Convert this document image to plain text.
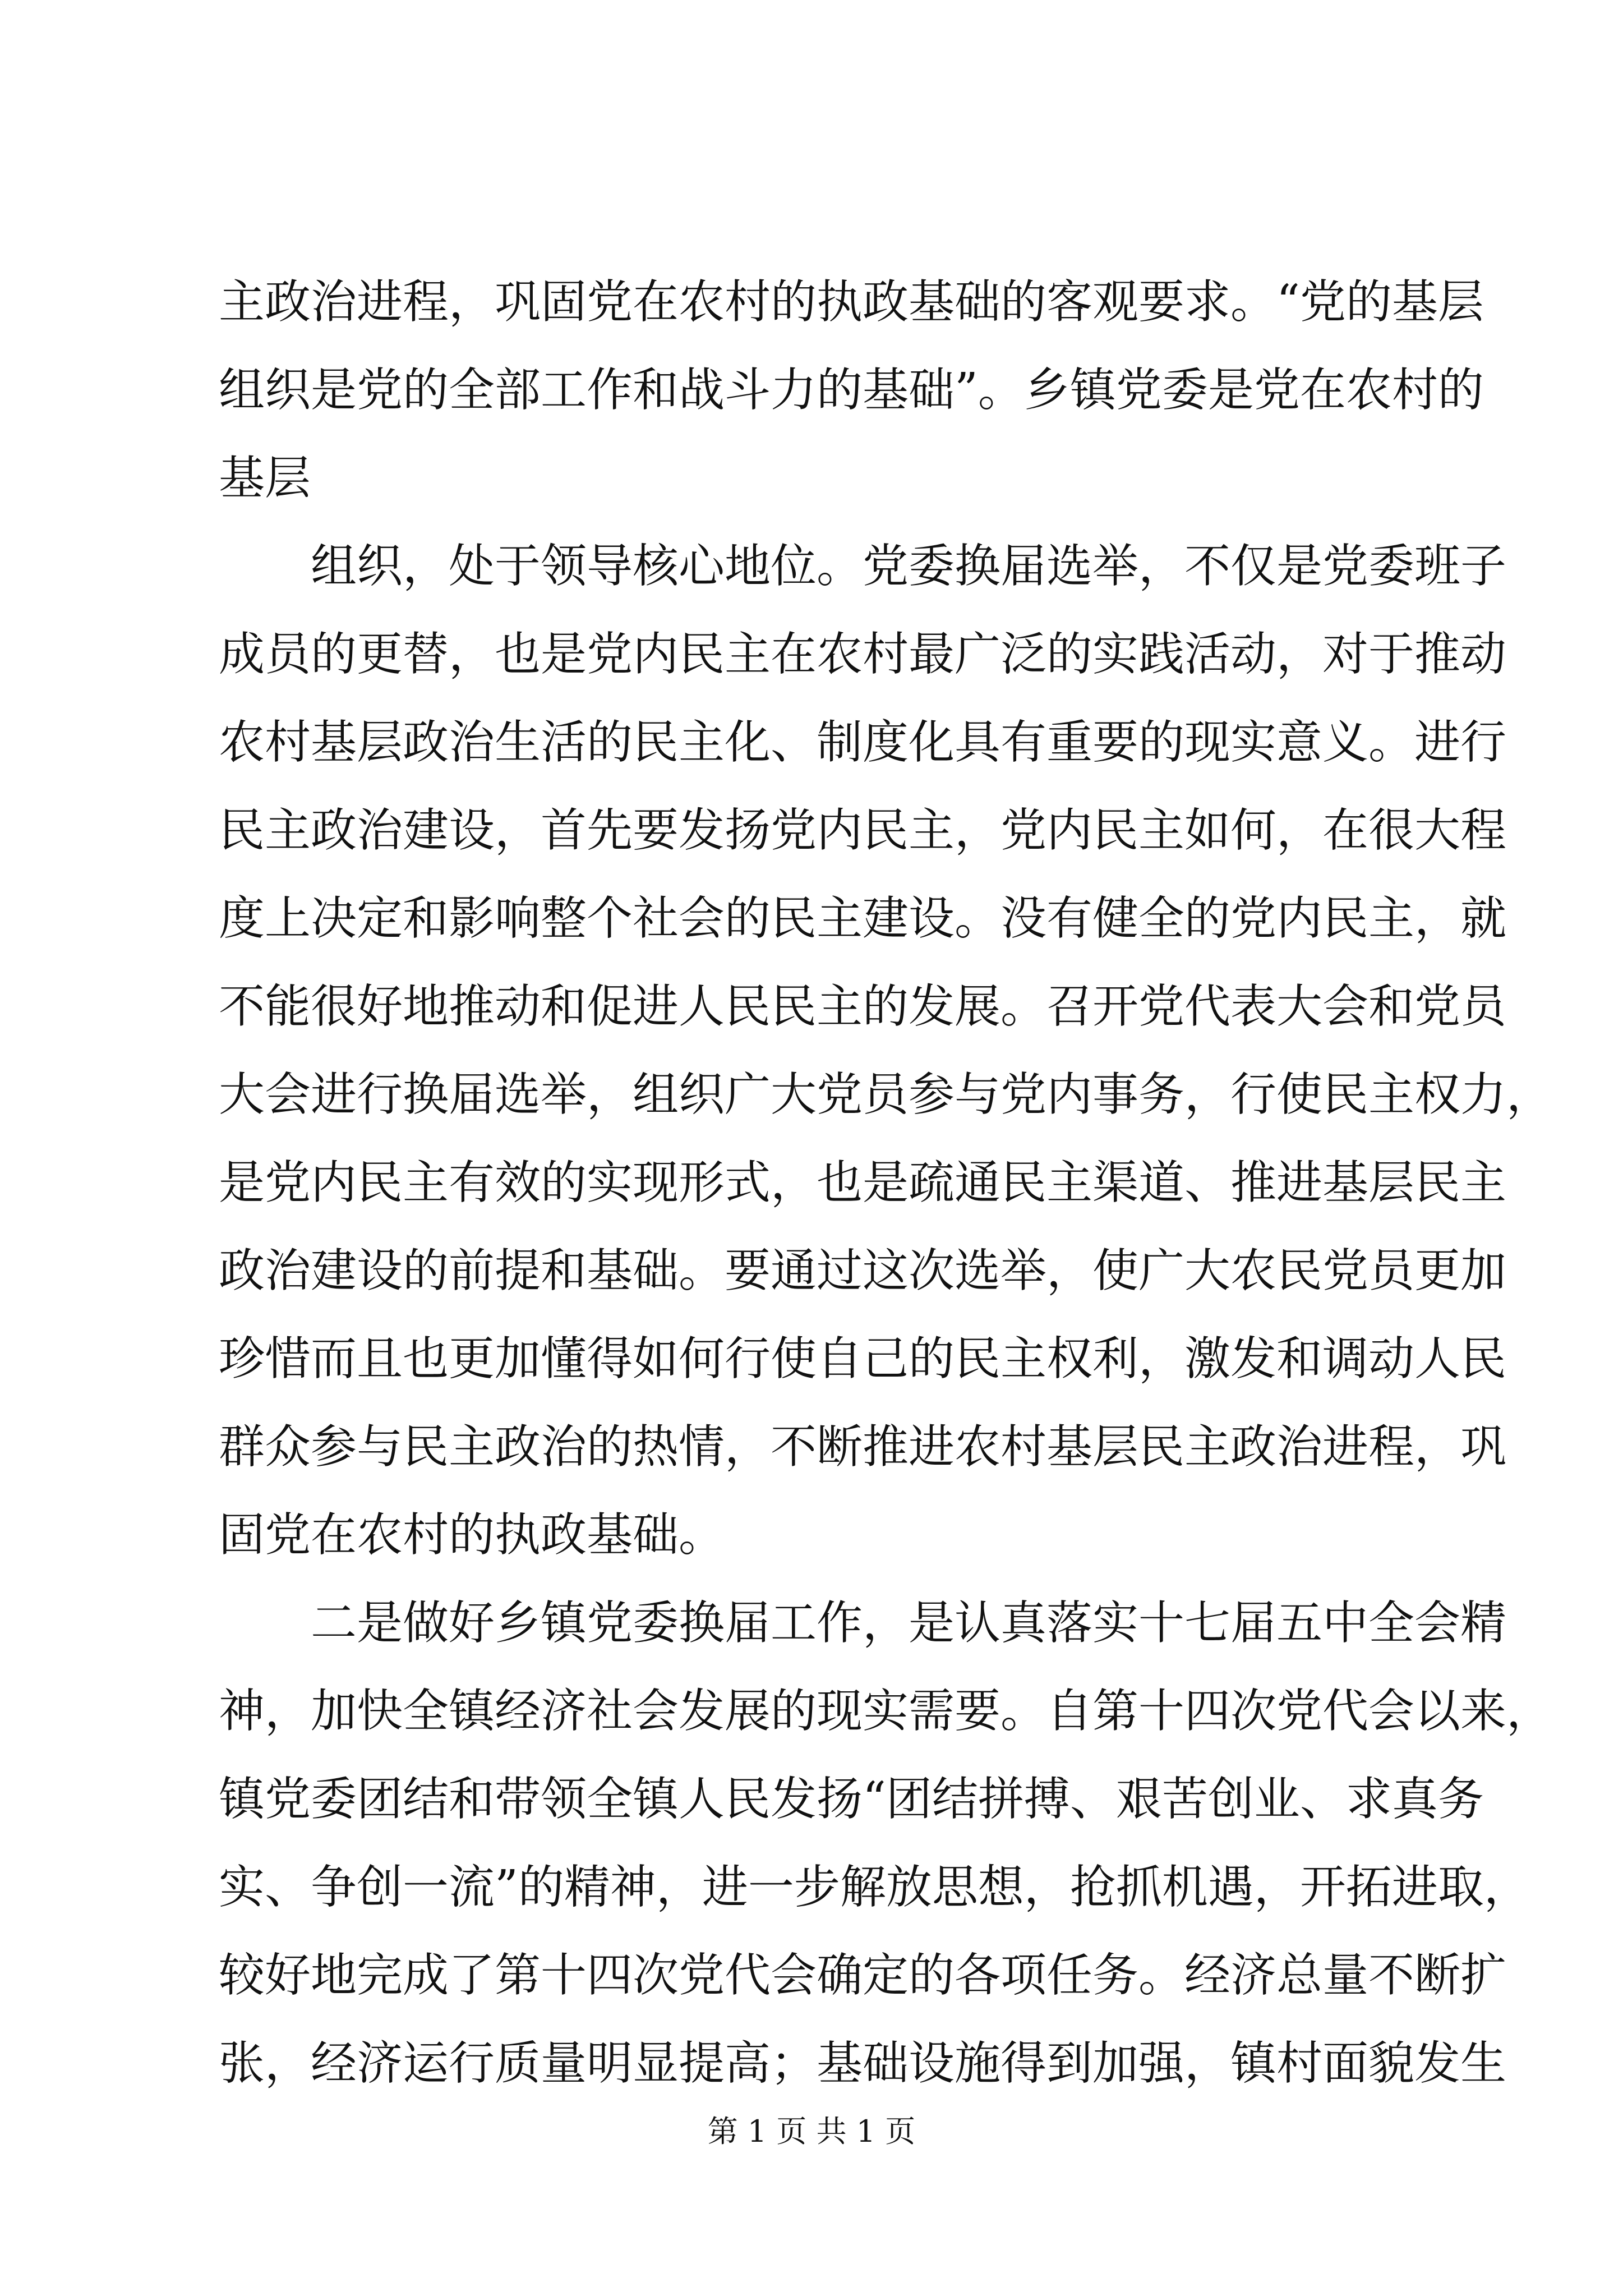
主政治进程，巩固党在农村的执政基础的客观要求。“党的基层
组织是党的全部工作和战斗力的基础”。乡镇党委是党在农村的
基层
组织，处于领导核心地位。党委换届选举，不仅是党委班子
成员的更替，也是党内民主在农村最广泛的实践活动，对于推动
农村基层政治生活的民主化、制度化具有重要的现实意义。进行
民主政治建设，首先要发扬党内民主，党内民主如何，在很大程
度上决定和影响整个社会的民主建设。没有健全的党内民主，就
不能很好地推动和促进人民民主的发展。召开党代表大会和党员
大会进行换届选举，组织广大党员参与党内事务，行使民主权力，
是党内民主有效的实现形式，也是疏通民主渠道、推进基层民主
政治建设的前提和基础。要通过这次选举，使广大农民党员更加
珍惜而且也更加懂得如何行使自己的民主权利，激发和调动人民
群众参与民主政治的热情，不断推进农村基层民主政治进程，巩
固党在农村的执政基础。
二是做好乡镇党委换届工作，是认真落实十七届五中全会精
神，加快全镇经济社会发展的现实需要。自第十四次党代会以来，
镇党委团结和带领全镇人民发扬“团结拼搏、艰苦创业、求真务
实、争创一流”的精神，进一步解放思想，抢抓机遇，开拓进取，
较好地完成了第十四次党代会确定的各项任务。经济总量不断扩
张，经济运行质量明显提高；基础设施得到加强，镇村面貌发生
第 1 页 共 1 页
